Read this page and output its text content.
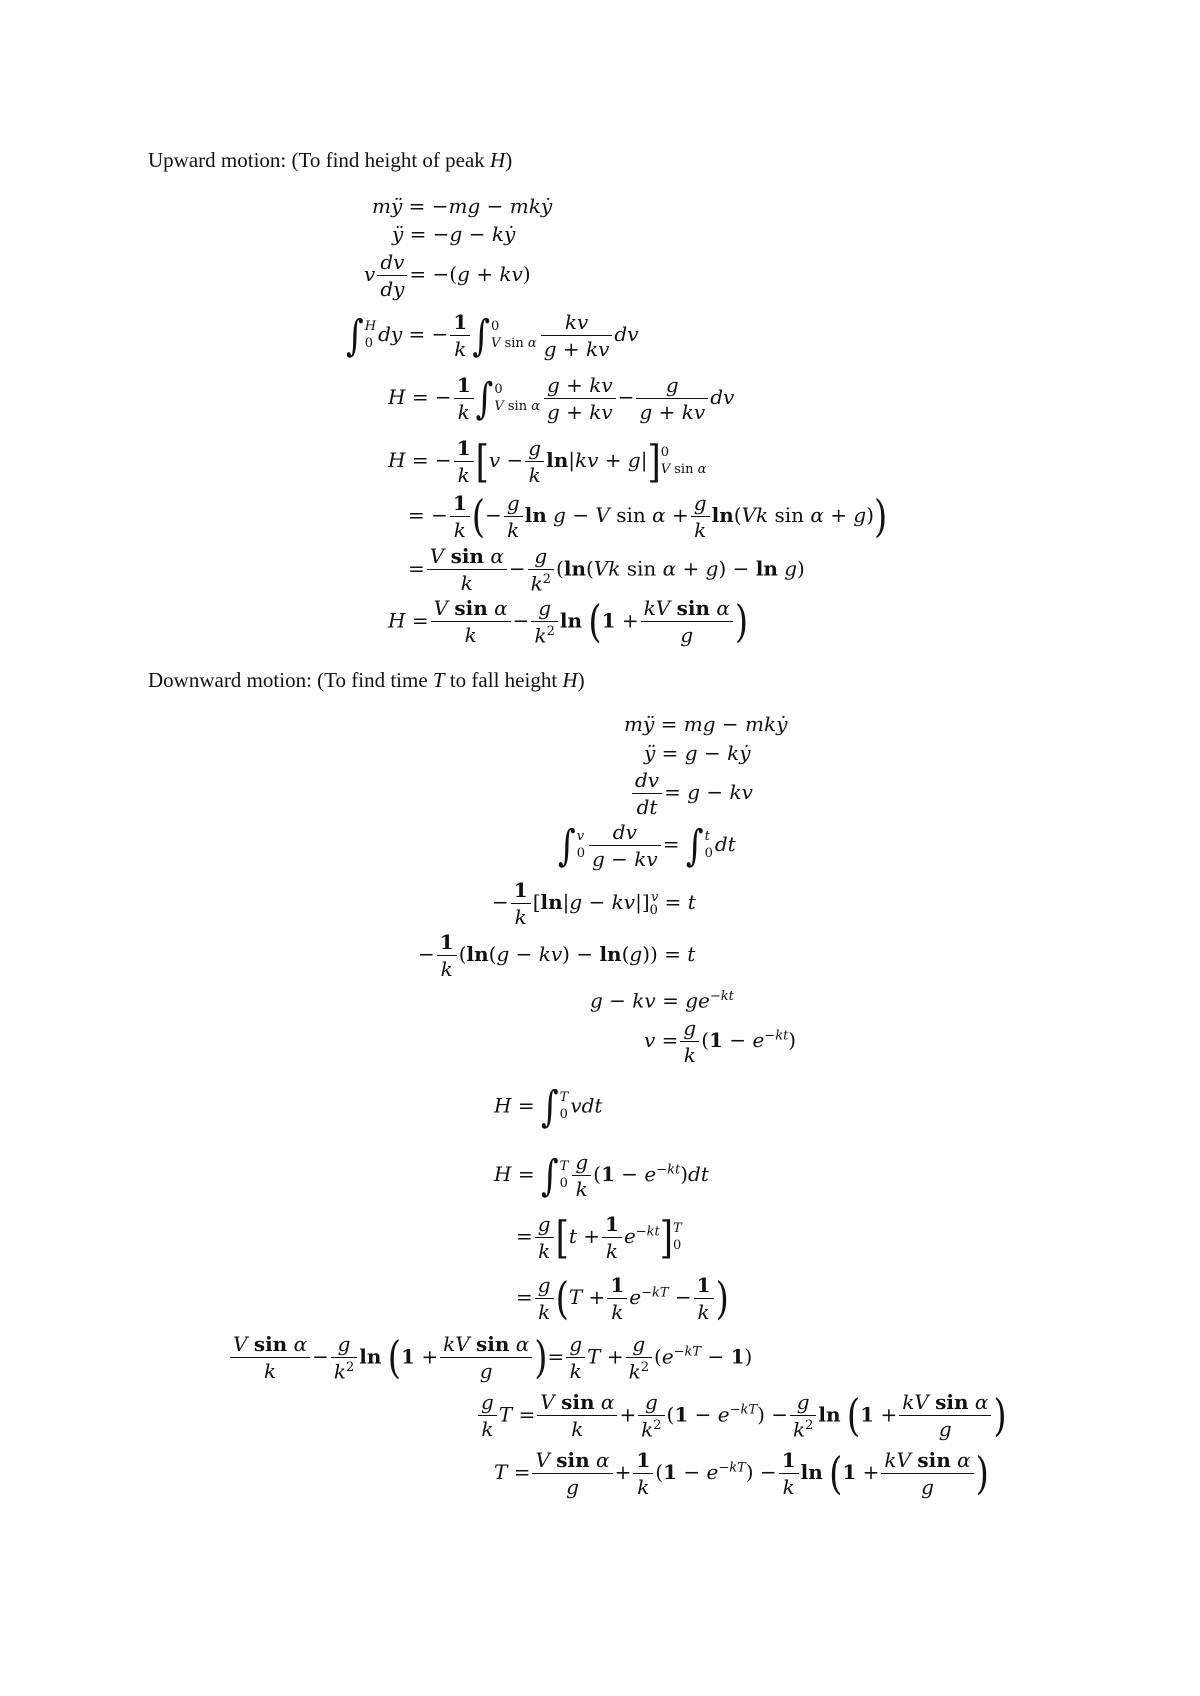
Upward motion: (To find height of peak H)
mÿ = −mg − mkẏ
ÿ = −g − kẏ
v $\frac{dv}{dy} = -(g + kv)$
∫ H
0 dy = − $\frac{1}{k}$ ∫ 0
V sin α $\frac{kv}{g + kv}$ dv
H = − $\frac{1}{k}$ ∫ 0
V sin α $\frac{g + kv}{g + kv} - \frac{g}{g + kv}$ dv
H = − $\frac{1}{k} [v - \frac{g}{k} \ln|kv + g|]$ 0
V sin α
= − $\frac{1}{k}$ (− $\frac{g}{k}$ ln g − V $\sin \alpha + \frac{g}{k} \ln(Vk$ sin α + g))
= $\frac{\text{V sin α}}{k} - \frac{g}{k^2} (\ln(Vk$ sin α + g) − ln g)
$H = \frac{\text{V sin α}}{k} - \frac{g}{k^2}$ $\ln (1 + \frac{\text{kV sin α}}{g}$ )
Downward motion: (To find time T to fall height H)
mÿ = mg − mkẏ
ÿ = g − kẏ
$\frac{dv}{dt} = g$ − kv
∫ v
$0 \frac{dv}{g - kv}$ = ∫ t
0 dt
− $\frac{1}{k} [\ln|g - kv|]_0^v = t$
− $\frac{1}{k} (\ln(g - kv) - \ln(g)) = t$
g − kv = $ge^{-kt}$
$v = \frac{g}{k} (1 - e^{-kt})$
H = ∫ T
0 vdt
H = ∫ T
$0 \frac{g}{k} (1 - e^{-kt})dt$
= $\frac{g}{k} [t + \frac{1}{k} e^{-kt}]$ T
0
= $\frac{g}{k} (T + \frac{1}{k} e^{-kT} - \frac{1}{k}$ )
$\frac{\text{V sin α}}{k} - \frac{g}{k^2}$ $\ln (1 + \frac{\text{kV sin α}}{g}$ )= $\frac{g}{k}$ $T + \frac{g}{k^2} (e^{-kT} - 1)$
$\frac{g}{k}$ $T = \frac{\text{V sin α}}{k} + \frac{g}{k^2} (1 - e^{-kT}) - \frac{g}{k^2}$ $\ln (1 + \frac{\text{kV sin α}}{g}$ )
$T = \frac{\text{V sin α}}{g} + \frac{1}{k} (1 - e^{-kT}) - \frac{1}{k}$ $\ln (1 + \frac{\text{kV sin α}}{g}$ )
